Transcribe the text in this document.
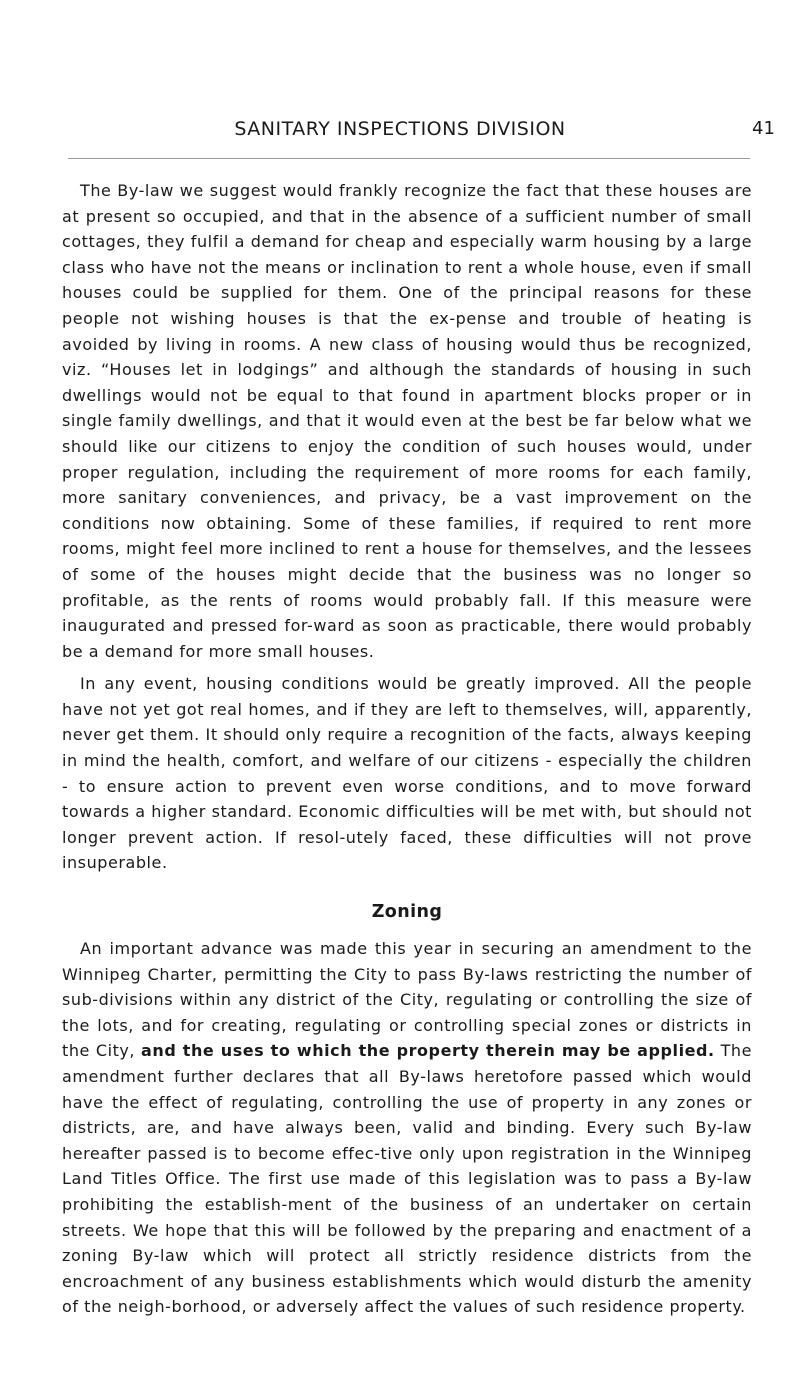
SANITARY INSPECTIONS DIVISION	41

The By-law we suggest would frankly recognize the fact that these houses are at present so occupied, and that in the absence of a sufficient number of small cottages, they fulfil a demand for cheap and especially warm housing by a large class who have not the means or inclination to rent a whole house, even if small houses could be supplied for them. One of the principal reasons for these people not wishing houses is that the ex-pense and trouble of heating is avoided by living in rooms. A new class of housing would thus be recognized, viz. “Houses let in lodgings” and although the standards of housing in such dwellings would not be equal to that found in apartment blocks proper or in single family dwellings, and that it would even at the best be far below what we should like our citizens to enjoy the condition of such houses would, under proper regulation, including the requirement of more rooms for each family, more sanitary conveniences, and privacy, be a vast improvement on the conditions now obtaining. Some of these families, if required to rent more rooms, might feel more inclined to rent a house for themselves, and the lessees of some of the houses might decide that the business was no longer so profitable, as the rents of rooms would probably fall. If this measure were inaugurated and pressed for-ward as soon as practicable, there would probably be a demand for more small houses.

In any event, housing conditions would be greatly improved. All the people have not yet got real homes, and if they are left to themselves, will, apparently, never get them. It should only require a recognition of the facts, always keeping in mind the health, comfort, and welfare of our citizens - especially the children - to ensure action to prevent even worse conditions, and to move forward towards a higher standard. Economic difficulties will be met with, but should not longer prevent action. If resol-utely faced, these difficulties will not prove insuperable.

Zoning

An important advance was made this year in securing an amendment to the Winnipeg Charter, permitting the City to pass By-laws restricting the number of sub-divisions within any district of the City, regulating or controlling the size of the lots, and for creating, regulating or controlling special zones or districts in the City, and the uses to which the property therein may be applied. The amendment further declares that all By-laws heretofore passed which would have the effect of regulating, controlling the use of property in any zones or districts, are, and have always been, valid and binding. Every such By-law hereafter passed is to become effec-tive only upon registration in the Winnipeg Land Titles Office. The first use made of this legislation was to pass a By-law prohibiting the establish-ment of the business of an undertaker on certain streets. We hope that this will be followed by the preparing and enactment of a zoning By-law which will protect all strictly residence districts from the encroachment of any business establishments which would disturb the amenity of the neigh-borhood, or adversely affect the values of such residence property.
